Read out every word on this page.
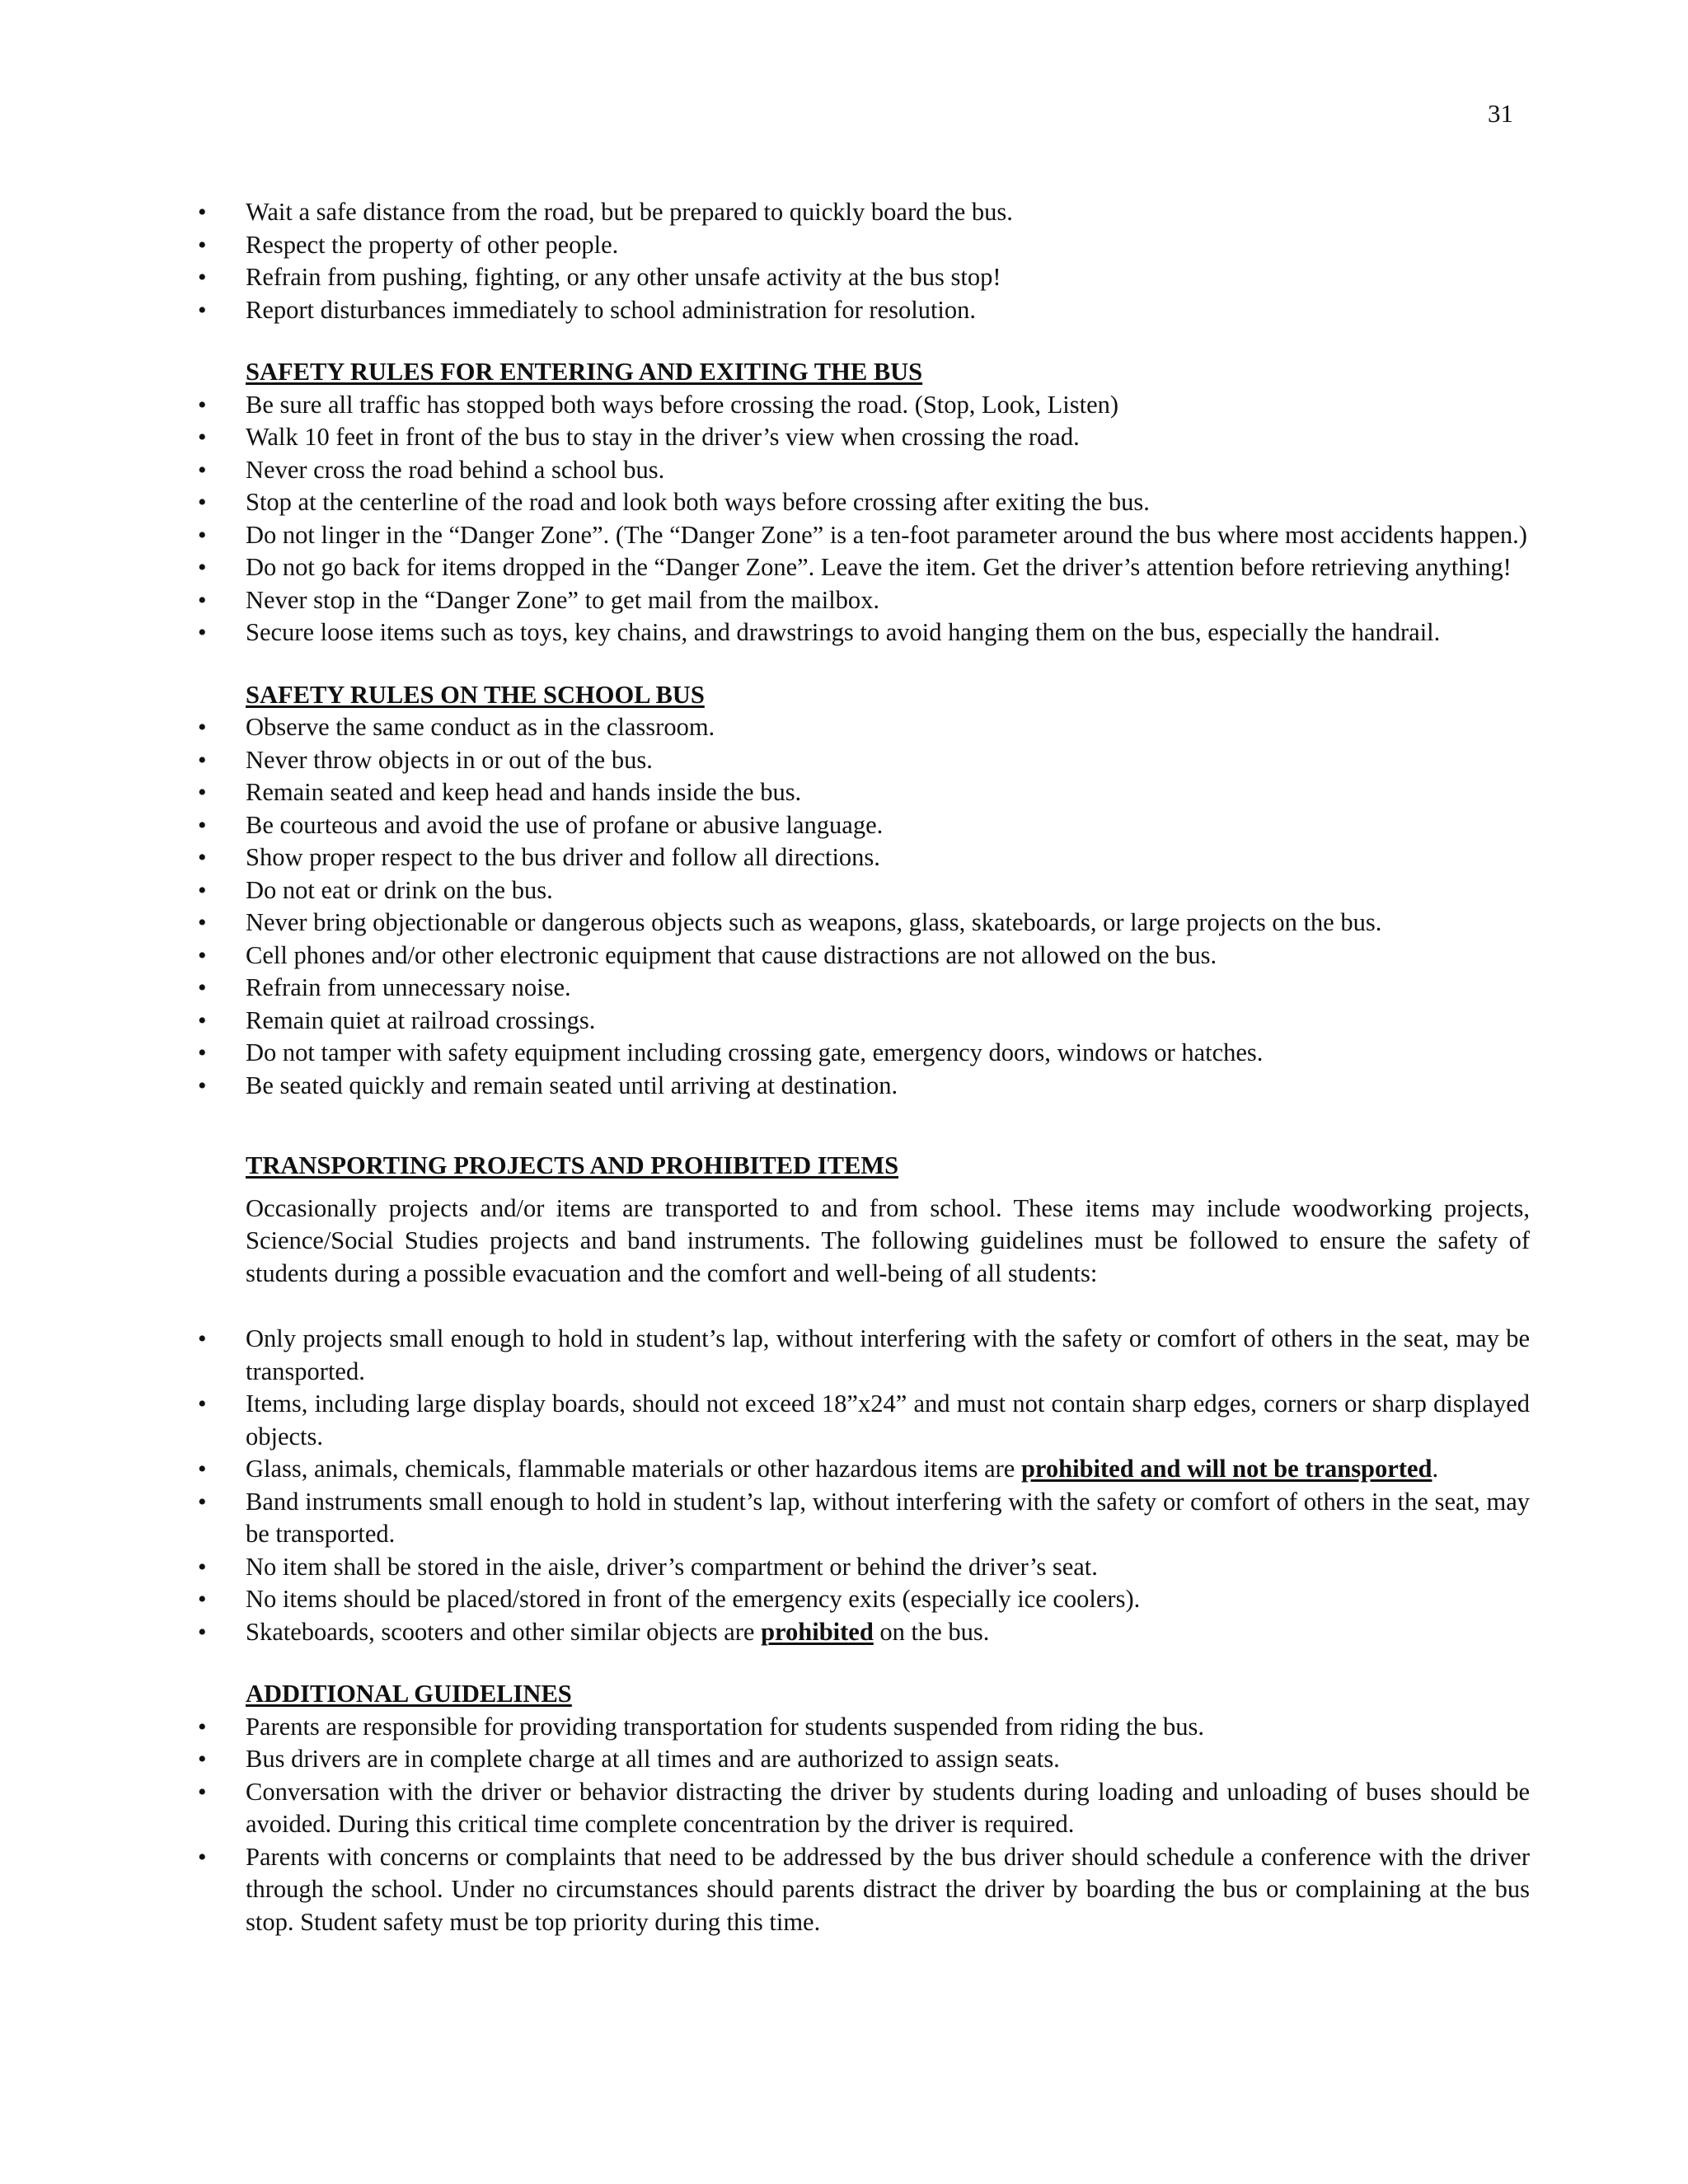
31
• Wait a safe distance from the road, but be prepared to quickly board the bus.
• Respect the property of other people.
• Refrain from pushing, fighting, or any other unsafe activity at the bus stop!
• Report disturbances immediately to school administration for resolution.
SAFETY RULES FOR ENTERING AND EXITING THE BUS
• Be sure all traffic has stopped both ways before crossing the road. (Stop, Look, Listen)
• Walk 10 feet in front of the bus to stay in the driver’s view when crossing the road.
• Never cross the road behind a school bus.
• Stop at the centerline of the road and look both ways before crossing after exiting the bus.
• Do not linger in the “Danger Zone”. (The “Danger Zone” is a ten-foot parameter around the bus where most accidents happen.)
• Do not go back for items dropped in the “Danger Zone”. Leave the item. Get the driver’s attention before retrieving anything!
• Never stop in the “Danger Zone” to get mail from the mailbox.
• Secure loose items such as toys, key chains, and drawstrings to avoid hanging them on the bus, especially the handrail.
SAFETY RULES ON THE SCHOOL BUS
• Observe the same conduct as in the classroom.
• Never throw objects in or out of the bus.
• Remain seated and keep head and hands inside the bus.
• Be courteous and avoid the use of profane or abusive language.
• Show proper respect to the bus driver and follow all directions.
• Do not eat or drink on the bus.
• Never bring objectionable or dangerous objects such as weapons, glass, skateboards, or large projects on the bus.
• Cell phones and/or other electronic equipment that cause distractions are not allowed on the bus.
• Refrain from unnecessary noise.
• Remain quiet at railroad crossings.
• Do not tamper with safety equipment including crossing gate, emergency doors, windows or hatches.
• Be seated quickly and remain seated until arriving at destination.
TRANSPORTING PROJECTS AND PROHIBITED ITEMS

Occasionally projects and/or items are transported to and from school. These items may include woodworking projects, Science/Social Studies projects and band instruments. The following guidelines must be followed to ensure the safety of students during a possible evacuation and the comfort and well-being of all students:

• Only projects small enough to hold in student’s lap, without interfering with the safety or comfort of others in the seat, may be transported.
• Items, including large display boards, should not exceed 18”x24” and must not contain sharp edges, corners or sharp displayed objects.
• Glass, animals, chemicals, flammable materials or other hazardous items are prohibited and will not be transported.
• Band instruments small enough to hold in student’s lap, without interfering with the safety or comfort of others in the seat, may be transported.
• No item shall be stored in the aisle, driver’s compartment or behind the driver’s seat.
• No items should be placed/stored in front of the emergency exits (especially ice coolers).
• Skateboards, scooters and other similar objects are prohibited on the bus.
ADDITIONAL GUIDELINES
• Parents are responsible for providing transportation for students suspended from riding the bus.
• Bus drivers are in complete charge at all times and are authorized to assign seats.
• Conversation with the driver or behavior distracting the driver by students during loading and unloading of buses should be avoided. During this critical time complete concentration by the driver is required.
• Parents with concerns or complaints that need to be addressed by the bus driver should schedule a conference with the driver through the school. Under no circumstances should parents distract the driver by boarding the bus or complaining at the bus stop. Student safety must be top priority during this time.
